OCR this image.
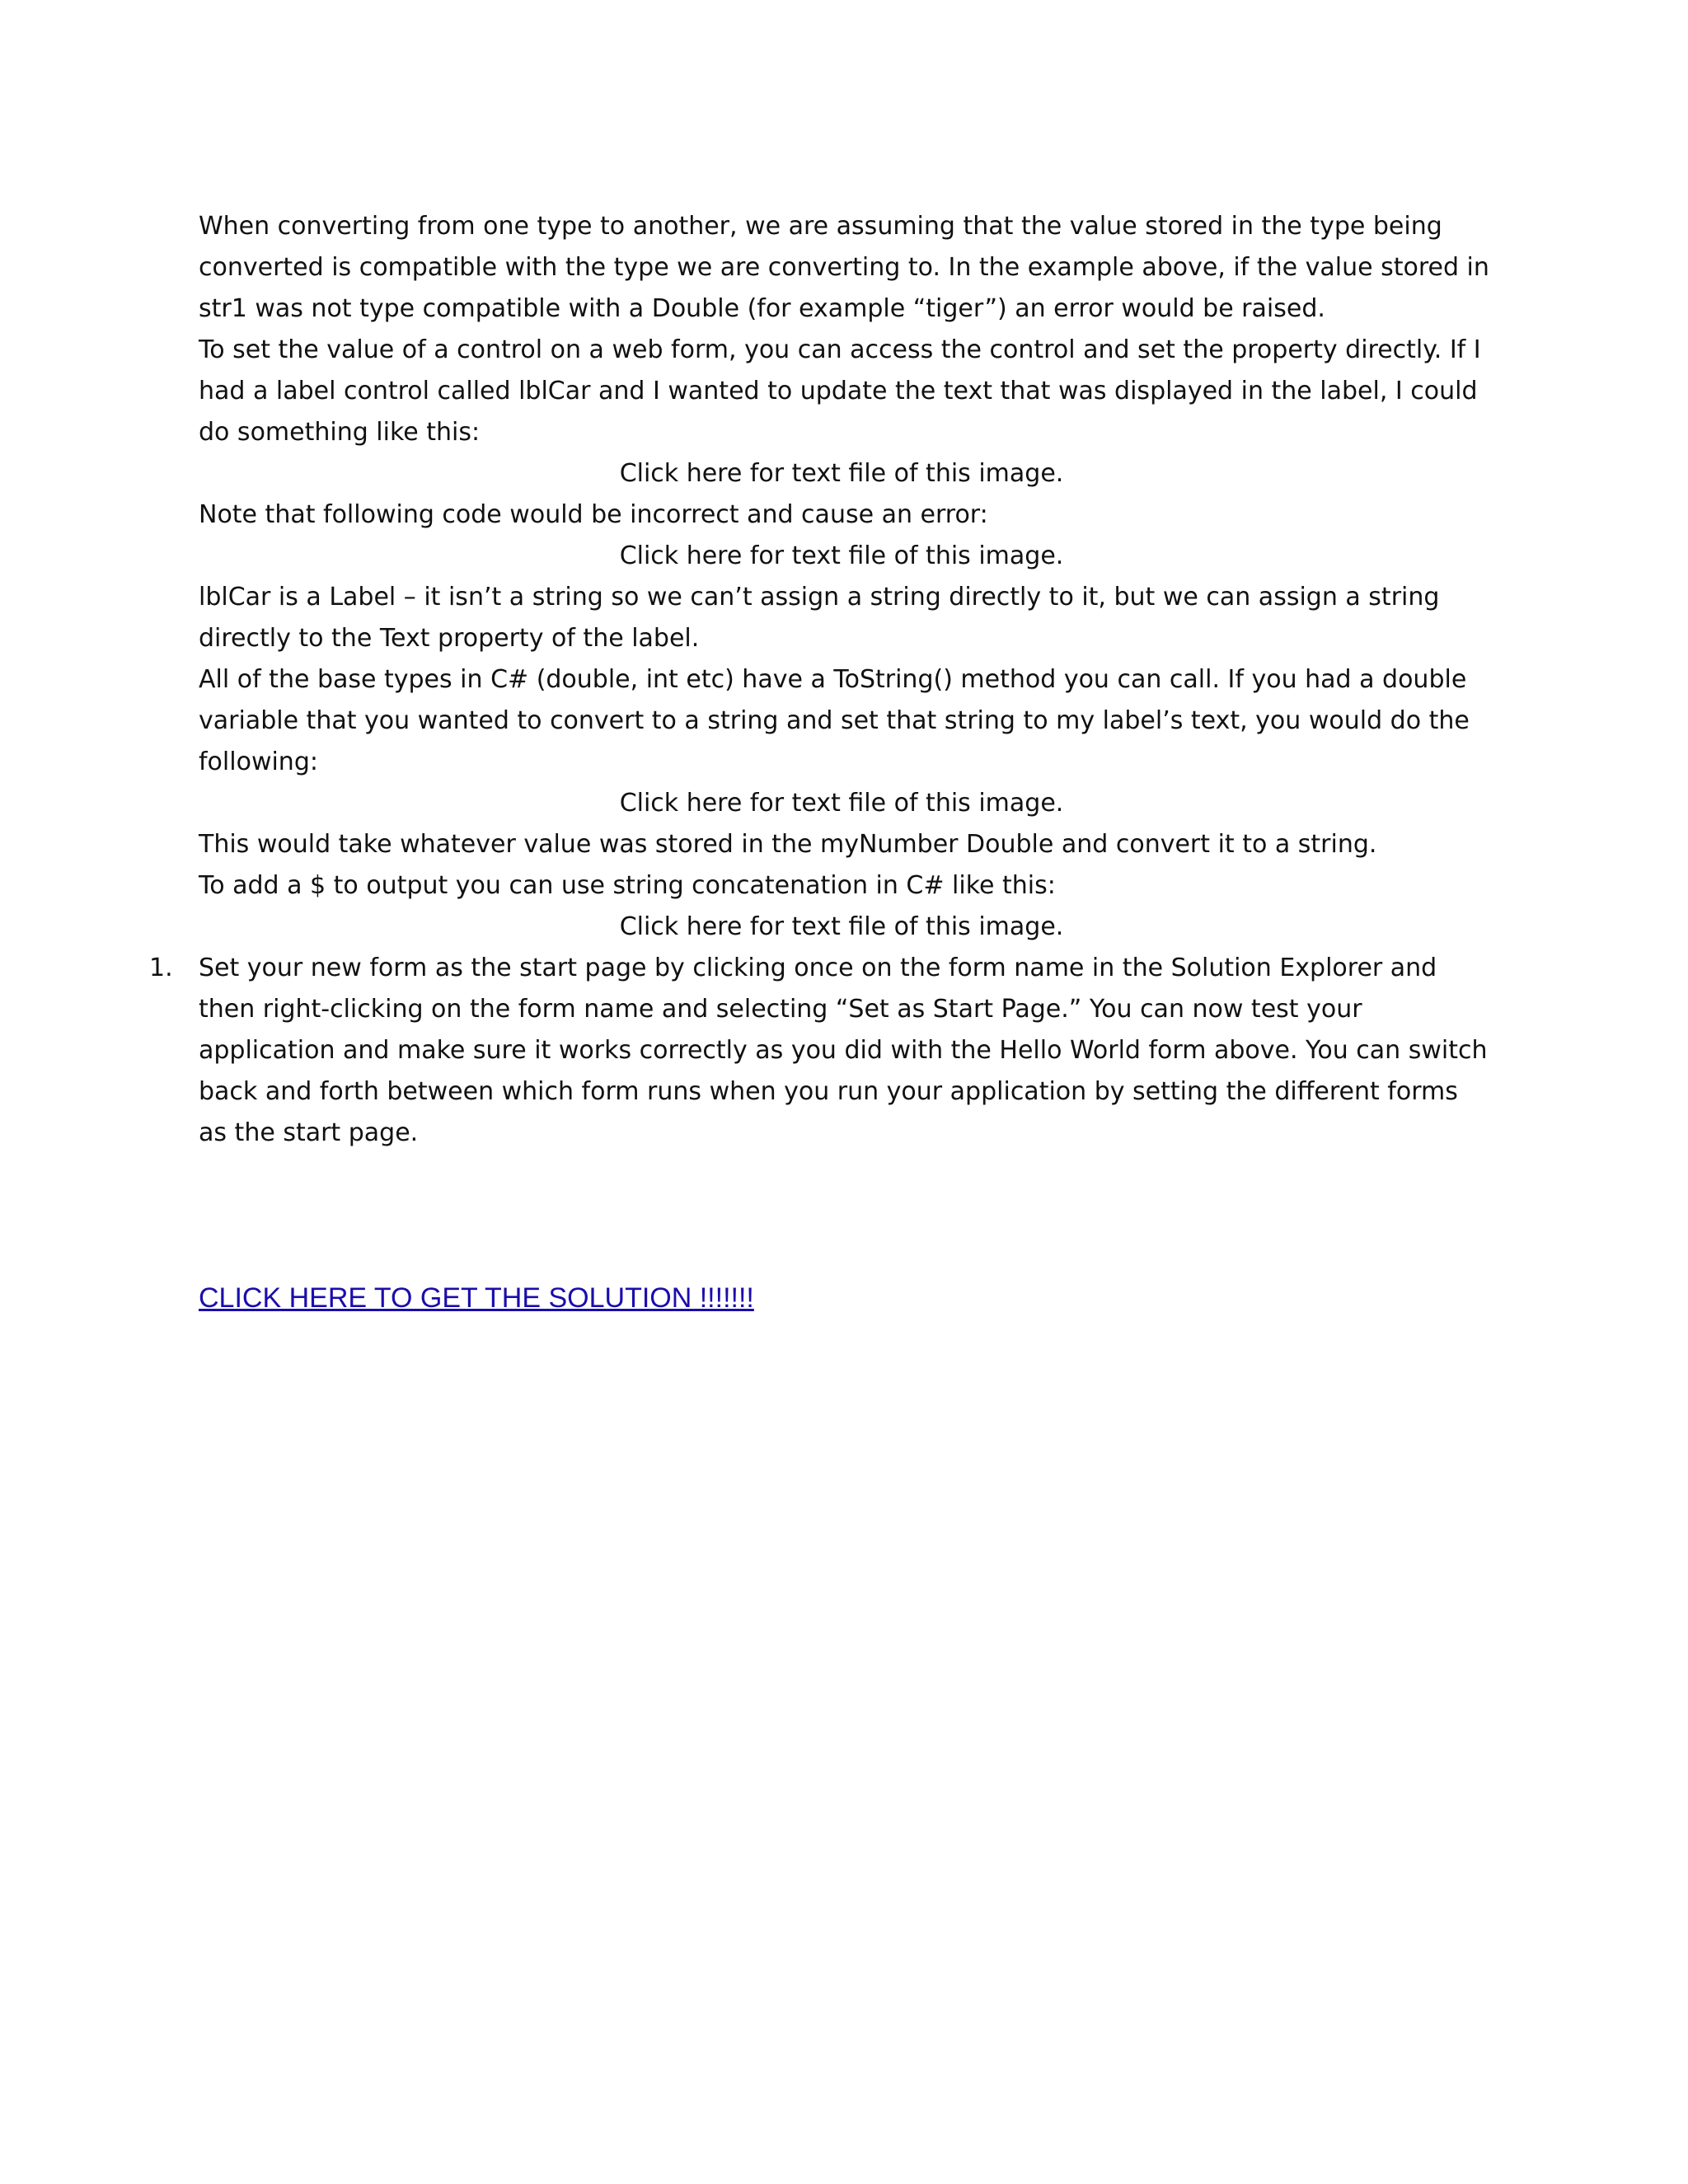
When converting from one type to another, we are assuming that the value stored in the type being converted is compatible with the type we are converting to. In the example above, if the value stored in str1 was not type compatible with a Double (for example “tiger”) an error would be raised.

To set the value of a control on a web form, you can access the control and set the property directly. If I had a label control called lblCar and I wanted to update the text that was displayed in the label, I could do something like this:

Click here for text file of this image.

Note that following code would be incorrect and cause an error:

Click here for text file of this image.

lblCar is a Label – it isn’t a string so we can’t assign a string directly to it, but we can assign a string directly to the Text property of the label.

All of the base types in C# (double, int etc) have a ToString() method you can call. If you had a double variable that you wanted to convert to a string and set that string to my label’s text, you would do the following:

Click here for text file of this image.

This would take whatever value was stored in the myNumber Double and convert it to a string.

To add a $ to output you can use string concatenation in C# like this:

Click here for text file of this image.

1. Set your new form as the start page by clicking once on the form name in the Solution Explorer and then right-clicking on the form name and selecting “Set as Start Page.” You can now test your application and make sure it works correctly as you did with the Hello World form above. You can switch back and forth between which form runs when you run your application by setting the different forms as the start page.
CLICK HERE TO GET THE SOLUTION !!!!!!!
